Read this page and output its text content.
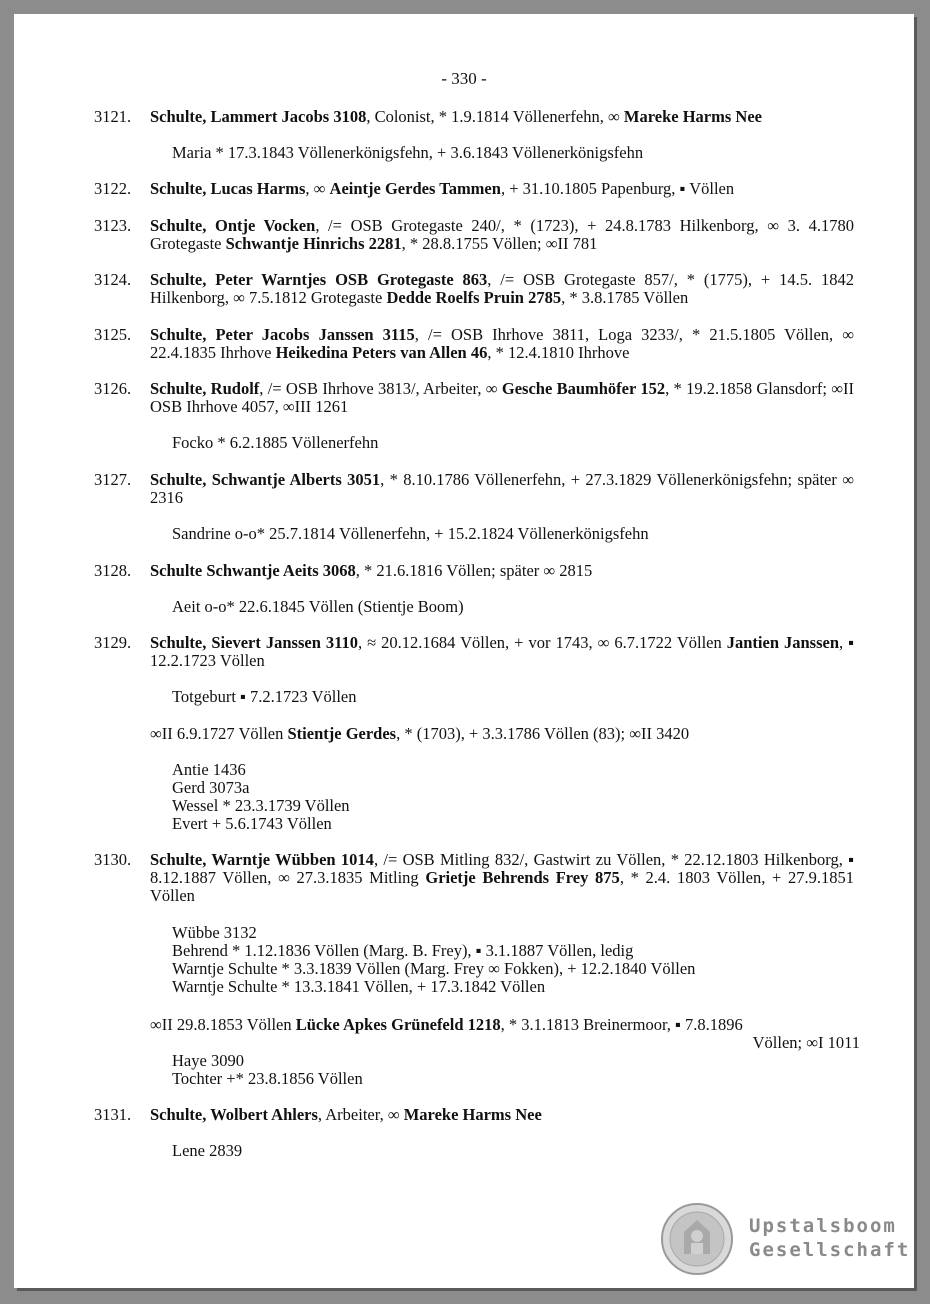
- 330 -
3121. Schulte, Lammert Jacobs 3108, Colonist, * 1.9.1814 Völlenerfehn, ∞ Mareke Harms Nee
Maria * 17.3.1843 Völlenerkönigsfehn, + 3.6.1843 Völlenerkönigsfehn
3122. Schulte, Lucas Harms, ∞ Aeintje Gerdes Tammen, + 31.10.1805 Papenburg, ▪ Völlen
3123. Schulte, Ontje Vocken, /= OSB Grotegaste 240/, * (1723), + 24.8.1783 Hilkenborg, ∞ 3. 4.1780 Grotegaste Schwantje Hinrichs 2281, * 28.8.1755 Völlen; ∞II 781
3124. Schulte, Peter Warntjes OSB Grotegaste 863, /= OSB Grotegaste 857/, * (1775), + 14.5. 1842 Hilkenborg, ∞ 7.5.1812 Grotegaste Dedde Roelfs Pruin 2785, * 3.8.1785 Völlen
3125. Schulte, Peter Jacobs Janssen 3115, /= OSB Ihrhove 3811, Loga 3233/, * 21.5.1805 Völlen, ∞ 22.4.1835 Ihrhove Heikedina Peters van Allen 46, * 12.4.1810 Ihrhove
3126. Schulte, Rudolf, /= OSB Ihrhove 3813/, Arbeiter, ∞ Gesche Baumhöfer 152, * 19.2.1858 Glansdorf; ∞II OSB Ihrhove 4057, ∞III 1261
Focko * 6.2.1885 Völlenerfehn
3127. Schulte, Schwantje Alberts 3051, * 8.10.1786 Völlenerfehn, + 27.3.1829 Völlenerkönigsfehn; später ∞ 2316
Sandrine o-o* 25.7.1814 Völlenerfehn, + 15.2.1824 Völlenerkönigsfehn
3128. Schulte Schwantje Aeits 3068, * 21.6.1816 Völlen; später ∞ 2815
Aeit o-o* 22.6.1845 Völlen (Stientje Boom)
3129. Schulte, Sievert Janssen 3110, ≈ 20.12.1684 Völlen, + vor 1743, ∞ 6.7.1722 Völlen Jantien Janssen, ▪ 12.2.1723 Völlen
Totgeburt ▪ 7.2.1723 Völlen
∞II 6.9.1727 Völlen Stientje Gerdes, * (1703), + 3.3.1786 Völlen (83); ∞II 3420
Antie 1436
Gerd 3073a
Wessel * 23.3.1739 Völlen
Evert + 5.6.1743 Völlen
3130. Schulte, Warntje Wübben 1014, /= OSB Mitling 832/, Gastwirt zu Völlen, * 22.12.1803 Hilkenborg, ▪ 8.12.1887 Völlen, ∞ 27.3.1835 Mitling Grietje Behrends Frey 875, * 2.4. 1803 Völlen, + 27.9.1851 Völlen
Wübbe 3132
Behrend * 1.12.1836 Völlen (Marg. B. Frey), ▪ 3.1.1887 Völlen, ledig
Warntje Schulte * 3.3.1839 Völlen (Marg. Frey ∞ Fokken), + 12.2.1840 Völlen
Warntje Schulte * 13.3.1841 Völlen, + 17.3.1842 Völlen
∞II 29.8.1853 Völlen Lücke Apkes Grünefeld 1218, * 3.1.1813 Breinermoor, ▪ 7.8.1896
Völlen; ∞I 1011
Haye 3090
Tochter +* 23.8.1856 Völlen
3131. Schulte, Wolbert Ahlers, Arbeiter, ∞ Mareke Harms Nee
Lene 2839
Upstalsboom
Gesellschaft
